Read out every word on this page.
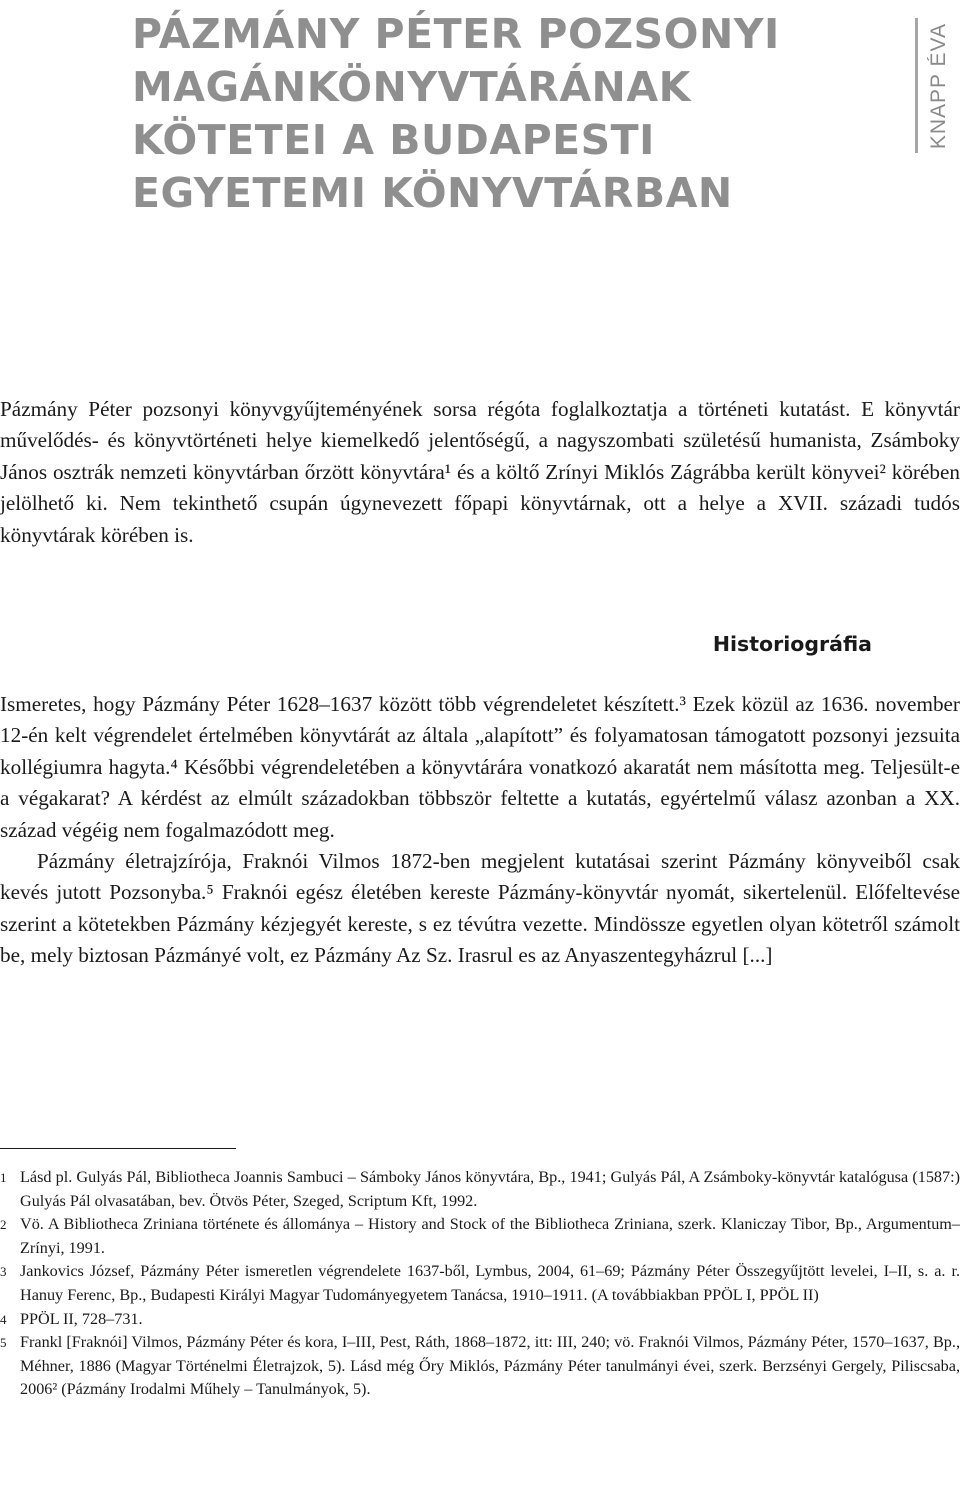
PÁZMÁNY PÉTER POZSONYI
MAGÁNKÖNYVTÁRÁNAK
KÖTETEI A BUDAPESTI
EGYETEMI KÖNYVTÁRBAN
KNAPP ÉVA

Pázmány Péter pozsonyi könyvgyűjteményének sorsa régóta foglalkoztatja a történeti kutatást. E könyvtár művelődés- és könyvtörténeti helye kiemelkedő jelentőségű, a nagyszombati születésű humanista, Zsámboky János osztrák nemzeti könyvtárban őrzött könyvtára¹ és a költő Zrínyi Miklós Zágrábba került könyvei² körében jelölhető ki. Nem tekinthető csupán úgynevezett főpapi könyvtárnak, ott a helye a XVII. századi tudós könyvtárak körében is.

Historiográfia

Ismeretes, hogy Pázmány Péter 1628–1637 között több végrendeletet készített.³ Ezek közül az 1636. november 12-én kelt végrendelet értelmében könyvtárát az általa „alapított” és folyamatosan támogatott pozsonyi jezsuita kollégiumra hagyta.⁴ Későbbi végrendeletében a könyvtárára vonatkozó akaratát nem másította meg. Teljesült-e a végakarat? A kérdést az elmúlt századokban többször feltette a kutatás, egyértelmű válasz azonban a XX. század végéig nem fogalmazódott meg.

Pázmány életrajzírója, Fraknói Vilmos 1872-ben megjelent kutatásai szerint Pázmány könyveiből csak kevés jutott Pozsonyba.⁵ Fraknói egész életében kereste Pázmány-könyvtár nyomát, sikertelenül. Előfeltevése szerint a kötetekben Pázmány kézjegyét kereste, s ez tévútra vezette. Mindössze egyetlen olyan kötetről számolt be, mely biztosan Pázmányé volt, ez Pázmány Az Sz. Irasrul es az Anyaszentegyházrul [...]

1 Lásd pl. Gulyás Pál, Bibliotheca Joannis Sambuci – Sámboky János könyvtára, Bp., 1941; Gulyás Pál, A Zsámboky-könyvtár katalógusa (1587:) Gulyás Pál olvasatában, bev. Ötvös Péter, Szeged, Scriptum Kft, 1992.
2 Vö. A Bibliotheca Zriniana története és állománya – History and Stock of the Bibliotheca Zriniana, szerk. Klaniczay Tibor, Bp., Argumentum–Zrínyi, 1991.
3 Jankovics József, Pázmány Péter ismeretlen végrendelete 1637-ből, Lymbus, 2004, 61–69; Pázmány Péter Összegyűjtött levelei, I–II, s. a. r. Hanuy Ferenc, Bp., Budapesti Királyi Magyar Tudományegyetem Tanácsa, 1910–1911. (A továbbiakban PPÖL I, PPÖL II)
4 PPÖL II, 728–731.
5 Frankl [Fraknói] Vilmos, Pázmány Péter és kora, I–III, Pest, Ráth, 1868–1872, itt: III, 240; vö. Fraknói Vilmos, Pázmány Péter, 1570–1637, Bp., Méhner, 1886 (Magyar Történelmi Életrajzok, 5). Lásd még Őry Miklós, Pázmány Péter tanulmányi évei, szerk. Berzsényi Gergely, Piliscsaba, 2006² (Pázmány Irodalmi Műhely – Tanulmányok, 5).
